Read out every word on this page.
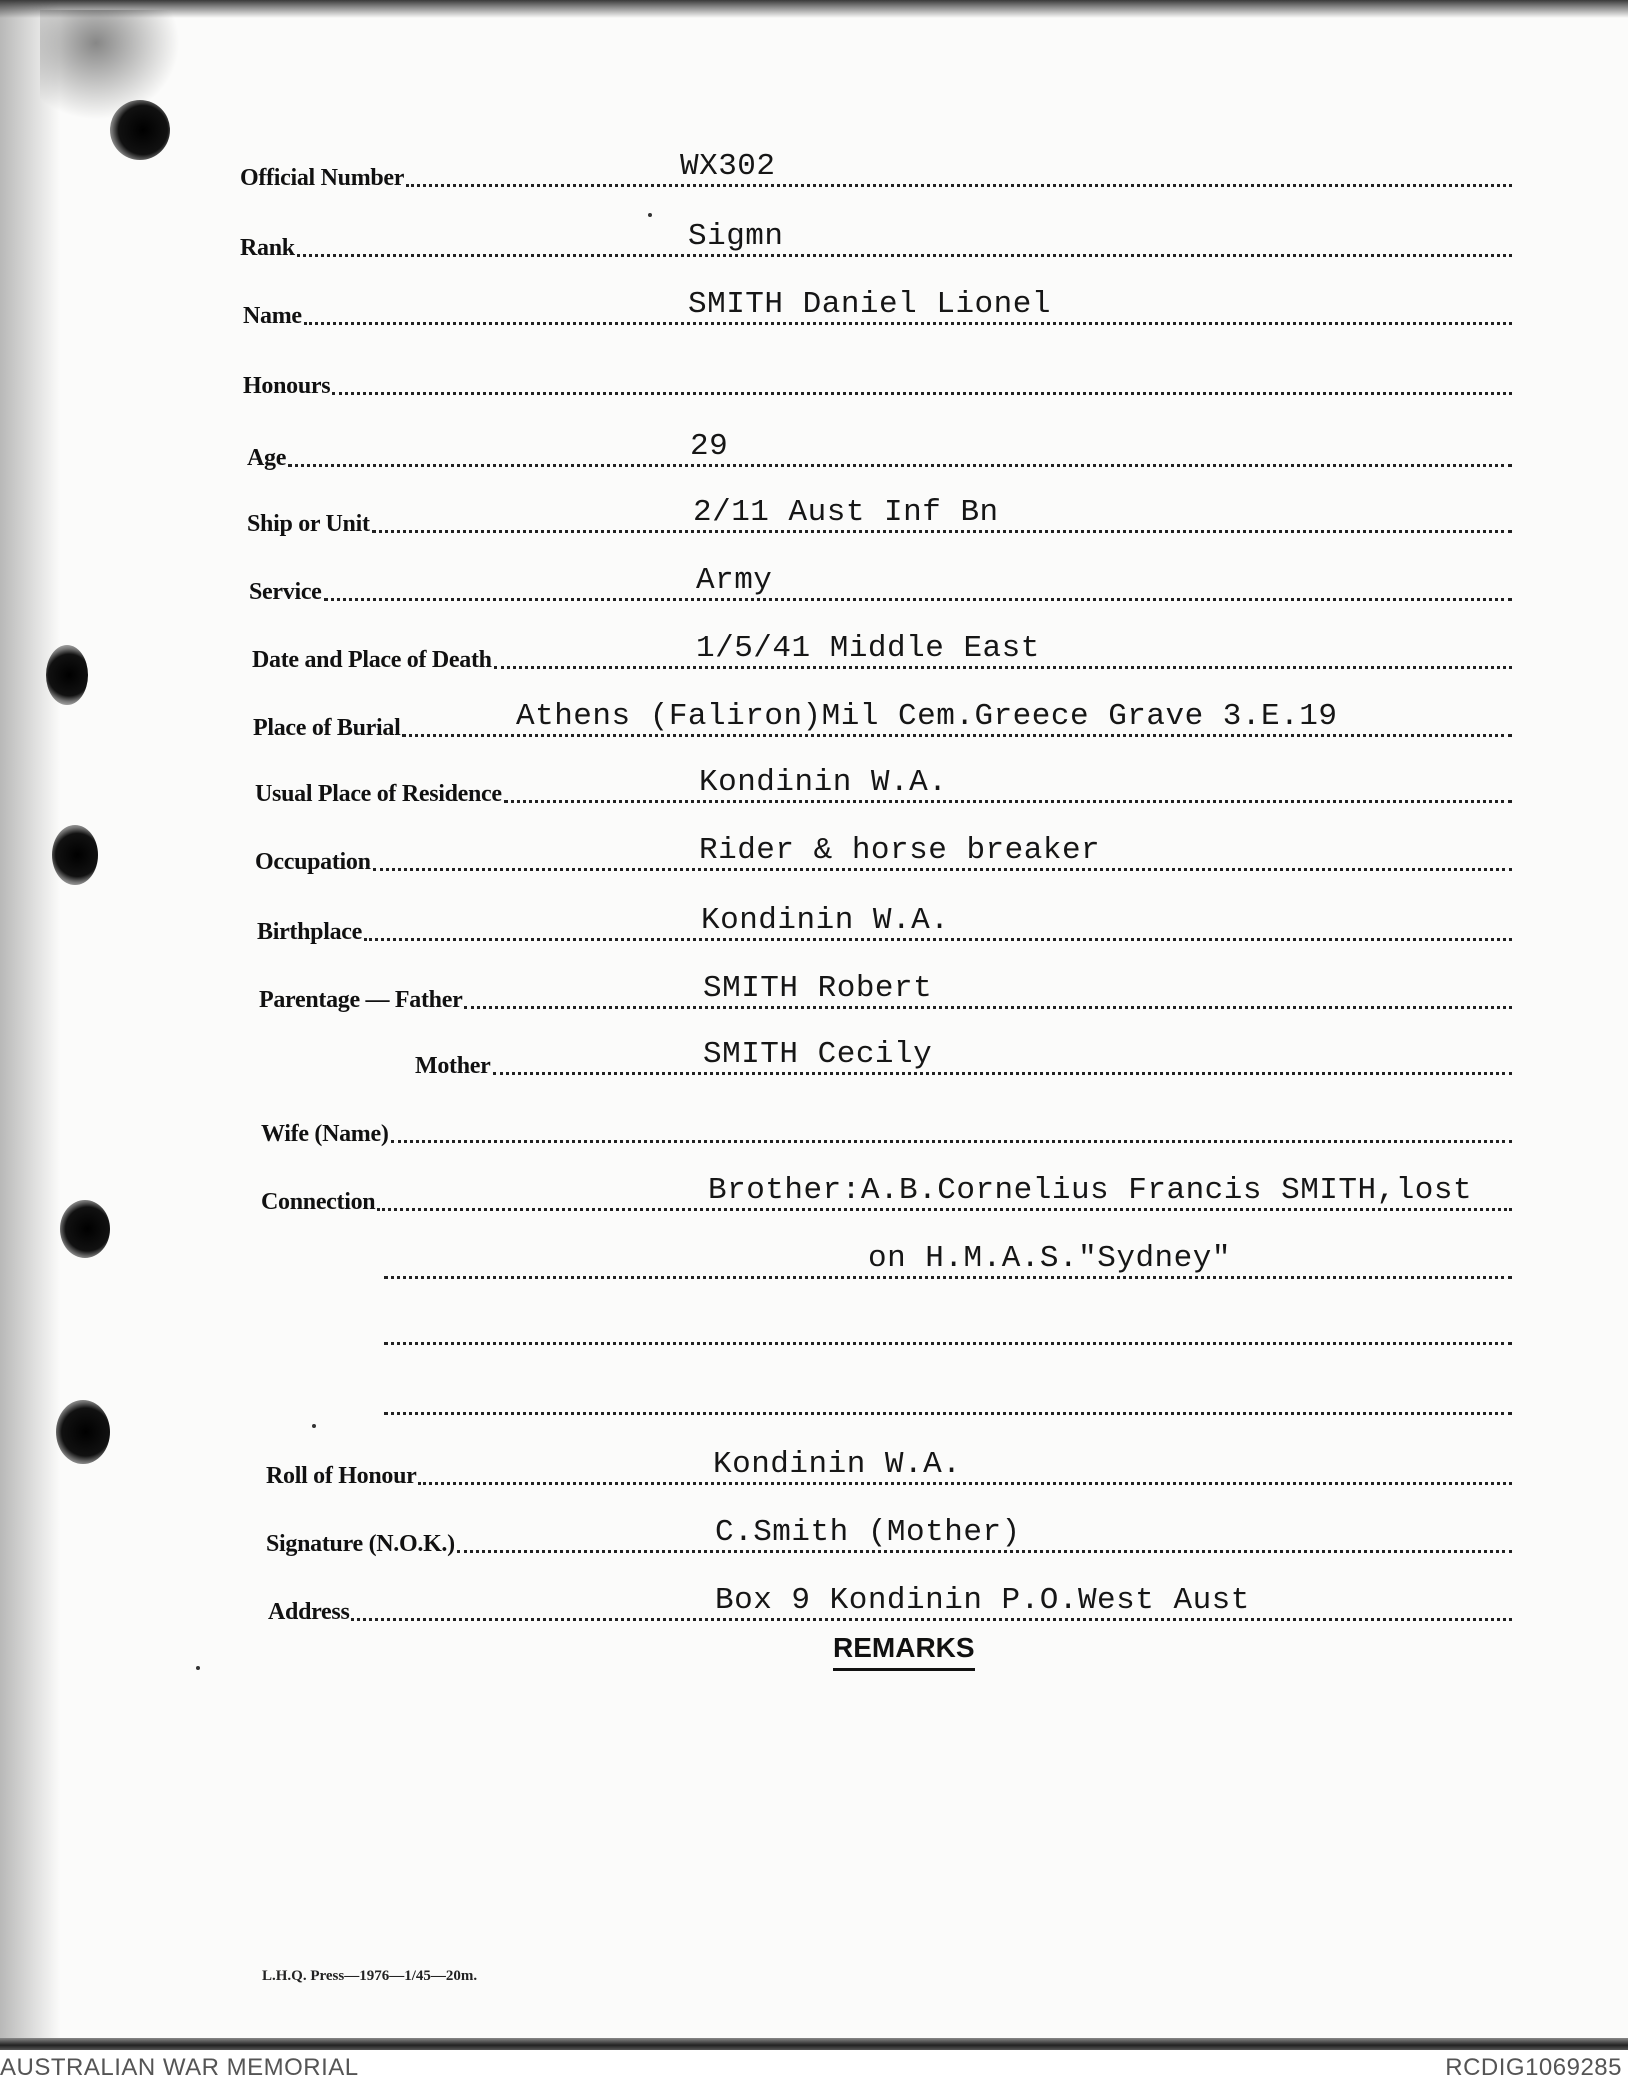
Official Number	WX302
Rank	Sigmn
Name	SMITH Daniel Lionel
Honours
Age	29
Ship or Unit	2/11 Aust Inf Bn
Service	Army
Date and Place of Death	1/5/41 Middle East
Place of Burial	Athens (Faliron)Mil Cem.Greece Grave 3.E.19
Usual Place of Residence	Kondinin W.A.
Occupation	Rider & horse breaker
Birthplace	Kondinin W.A.
Parentage — Father	SMITH Robert
Mother	SMITH Cecily
Wife (Name)
Connection	Brother:A.B.Cornelius Francis SMITH,lost
on H.M.A.S."Sydney"
Roll of Honour	Kondinin W.A.
Signature (N.O.K.)	C.Smith (Mother)
Address	Box 9 Kondinin P.O.West Aust
REMARKS
L.H.Q. Press—1976—1/45—20m.
AUSTRALIAN WAR MEMORIAL	RCDIG1069285
